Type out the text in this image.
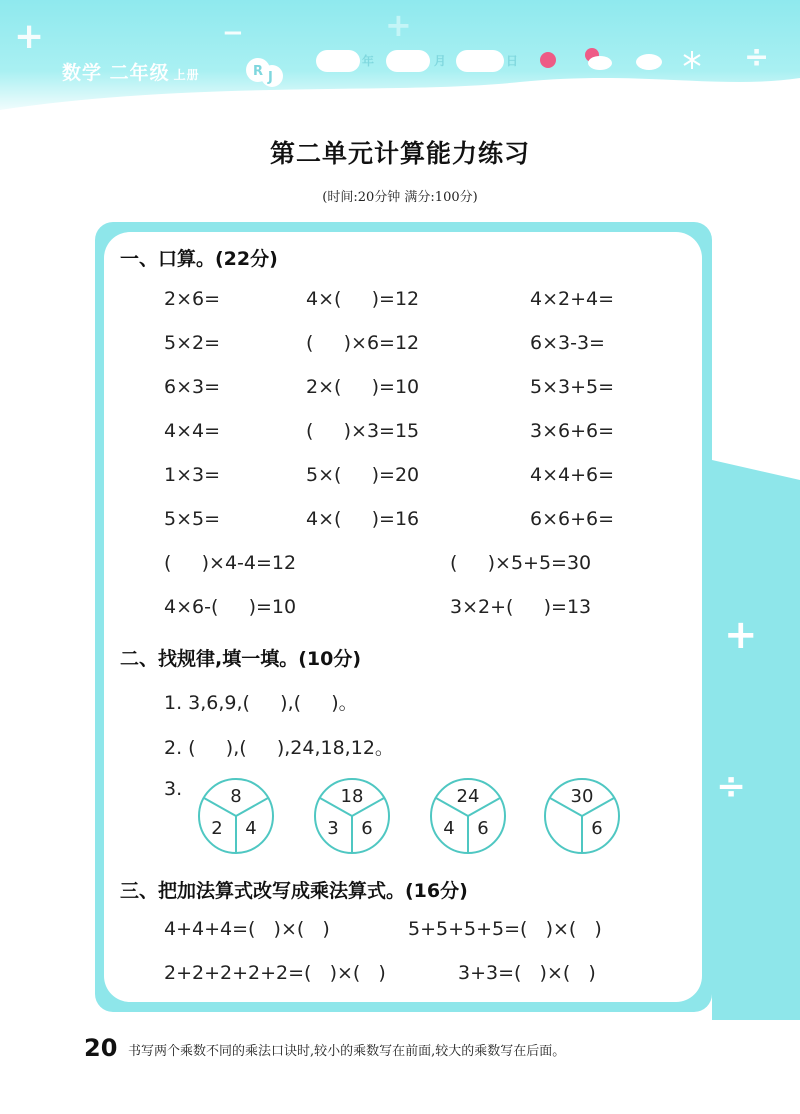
+	+
−
÷
数学 二年级 上册	R J
年	月	日
第二单元计算能力练习
(时间:20分钟 满分:100分)
+
÷
一、口算。(22分)
2×6=	4×(     )=12	4×2+4=
5×2=	(     )×6=12	6×3-3=
6×3=	2×(     )=10	5×3+5=
4×4=	(     )×3=15	3×6+6=
1×3=	5×(     )=20	4×4+6=
5×5=	4×(     )=16	6×6+6=
(     )×4-4=12	(     )×5+5=30
4×6-(     )=10	3×2+(     )=13
二、找规律,填一填。(10分)
1. 3,6,9,(     ),(     )。
2. (     ),(     ),24,18,12。
3.	8
2	4
18
3	6
24
4	6
30
6
三、把加法算式改写成乘法算式。(16分)
4+4+4=(   )×(   )	5+5+5+5=(   )×(   )
2+2+2+2+2=(   )×(   )	3+3=(   )×(   )
20 书写两个乘数不同的乘法口诀时,较小的乘数写在前面,较大的乘数写在后面。
